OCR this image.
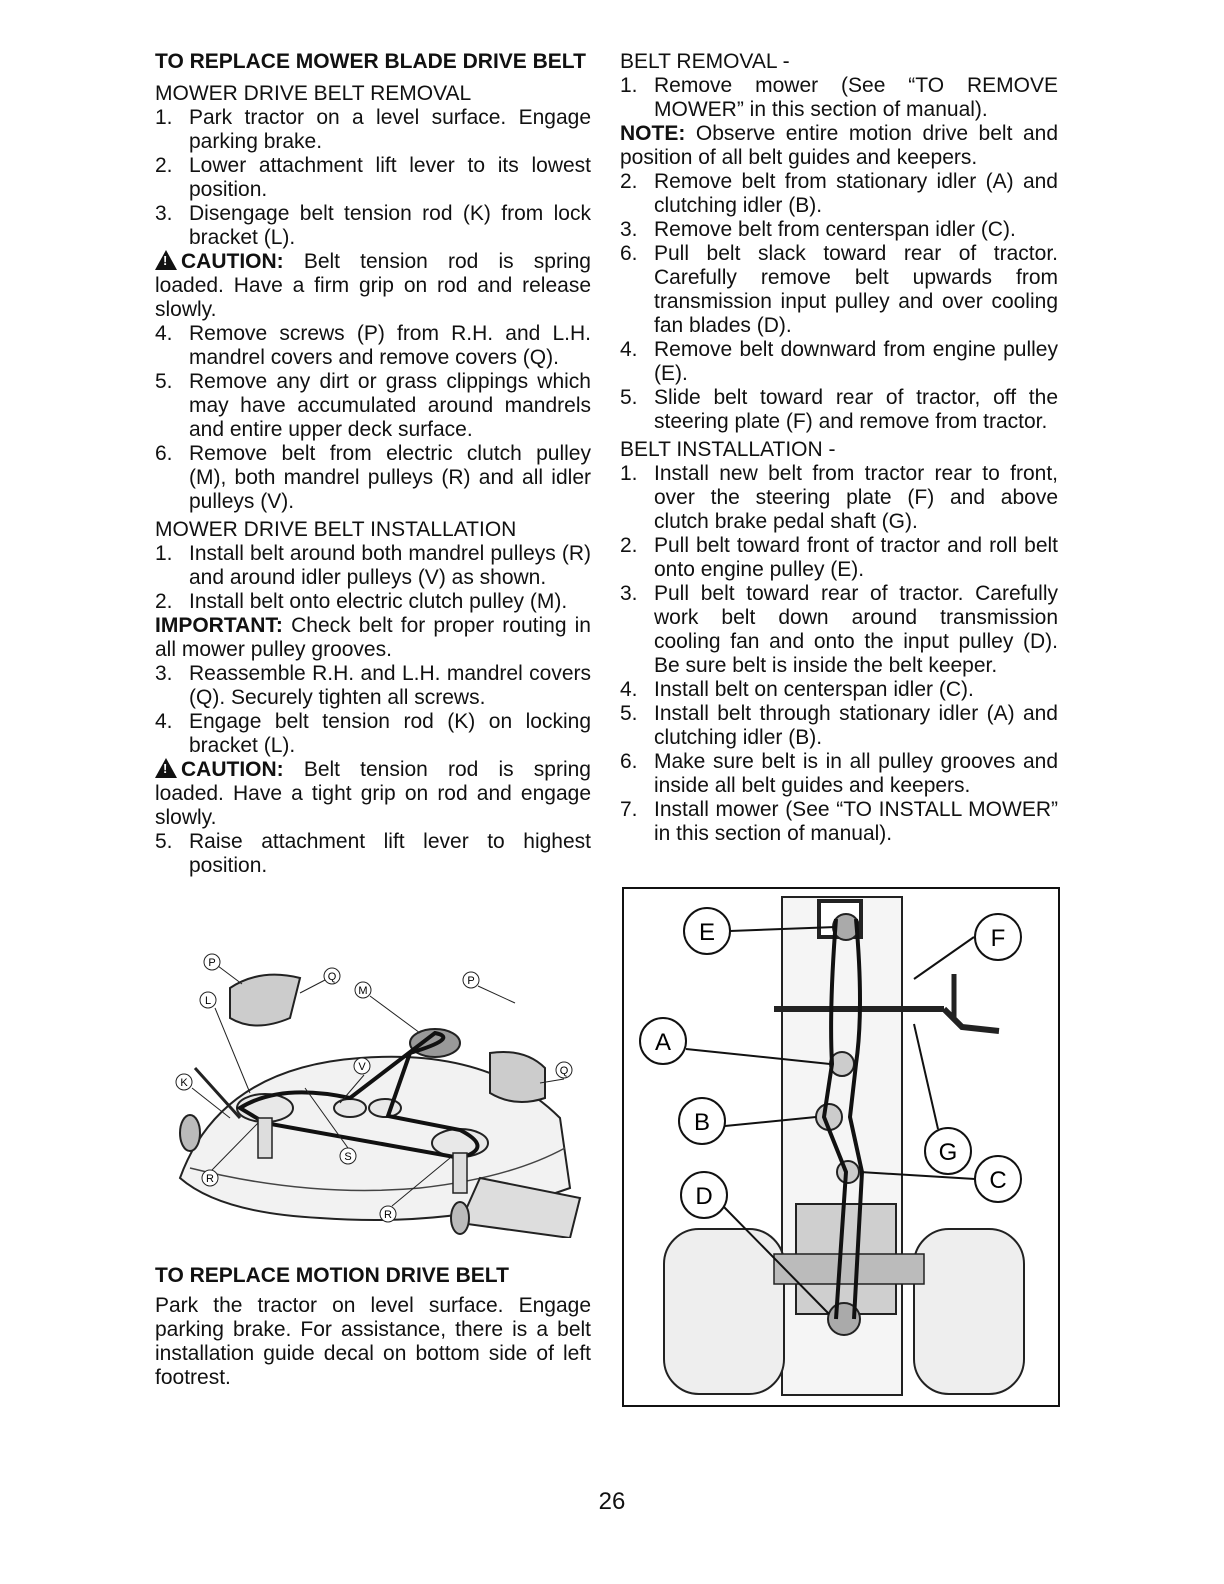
TO REPLACE MOWER BLADE DRIVE BELT

MOWER DRIVE BELT REMOVAL

1. Park tractor on a level surface. Engage parking brake.
2. Lower attachment lift lever to its lowest position.
3. Disengage belt tension rod (K) from lock bracket (L).

!CAUTION: Belt tension rod is spring loaded. Have a firm grip on rod and release slowly.

4. Remove screws (P) from R.H. and L.H. mandrel covers and remove covers (Q).
5. Remove any dirt or grass clippings which may have accumulated around mandrels and entire upper deck surface.
6. Remove belt from electric clutch pulley (M), both mandrel pulleys (R) and all idler pulleys (V).

MOWER DRIVE BELT INSTALLATION

1. Install belt around both mandrel pulleys (R) and around idler pulleys (V) as shown.
2. Install belt onto electric clutch pulley (M).

IMPORTANT: Check belt for proper routing in all mower pulley grooves.

3. Reassemble R.H. and L.H. mandrel covers (Q). Securely tighten all screws.
4. Engage belt tension rod (K) on locking bracket (L).

!CAUTION: Belt tension rod is spring loaded. Have a tight grip on rod and engage slowly.

5. Raise attachment lift lever to highest position.
P
Q
L
M
P
K
V	Q
S
R
R

TO REPLACE MOTION DRIVE BELT

Park the tractor on level surface. Engage parking brake. For assistance, there is a belt installation guide decal on bottom side of left footrest.

BELT REMOVAL -

1. Remove mower (See “TO REMOVE MOWER” in this section of manual).

NOTE: Observe entire motion drive belt and position of all belt guides and keepers.

2. Remove belt from stationary idler (A) and clutching idler (B).
3. Remove belt from centerspan idler (C).
6. Pull belt slack toward rear of tractor. Carefully remove belt upwards from transmission input pulley and over cooling fan blades (D).
4. Remove belt downward from engine pulley (E).
5. Slide belt toward rear of tractor, off the steering plate (F) and remove from tractor.

BELT INSTALLATION -

1. Install new belt from tractor rear to front, over the steering plate (F) and above clutch brake pedal shaft (G).
2. Pull belt toward front of tractor and roll belt onto engine pulley (E).
3. Pull belt toward rear of tractor. Carefully work belt down around transmission cooling fan and onto the input pulley (D). Be sure belt is inside the belt keeper.
4. Install belt on centerspan idler (C).
5. Install belt through stationary idler (A) and clutching idler (B).
6. Make sure belt is in all pulley grooves and inside all belt guides and keepers.
7. Install mower (See “TO INSTALL MOWER” in this section of manual).
E	F
A
B
G
C
D
26
